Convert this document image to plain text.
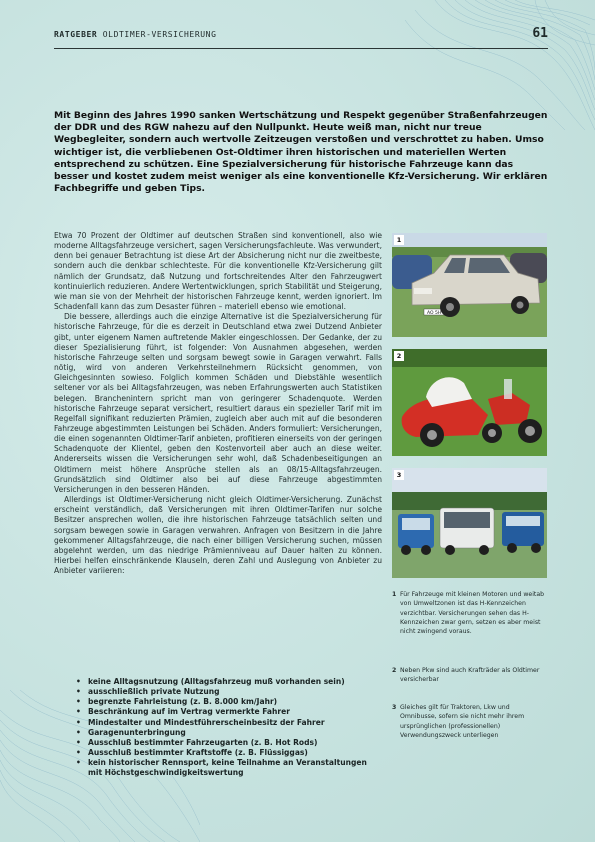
RATGEBER OLDTIMER-VERSICHERUNG	61
Mit Beginn des Jahres 1990 sanken Wertschätzung und Respekt gegenüber Straßenfahrzeugen der DDR und des RGW nahezu auf den Nullpunkt. Heute weiß man, nicht nur treue Wegbegleiter, sondern auch wertvolle Zeitzeugen verstoßen und verschrottet zu haben. Umso wichtiger ist, die verbliebenen Ost-Oldtimer ihren historischen und materiellen Werten entsprechend zu schützen. Eine Spezialversicherung für historische Fahrzeuge kann das besser und kostet zudem meist weniger als eine konventionelle Kfz-Versicherung. Wir erklären Fachbegriffe und geben Tips.

Etwa 70 Prozent der Oldtimer auf deutschen Straßen sind konventionell, also wie moderne Alltagsfahrzeuge versichert, sagen Versicherungsfachleute. Was verwundert, denn bei genauer Betrachtung ist diese Art der Absicherung nicht nur die zweitbeste, sondern auch die denkbar schlechteste. Für die konventionelle Kfz-Versicherung gilt nämlich der Grundsatz, daß Nutzung und fortschreitendes Alter den Fahrzeugwert kontinuierlich reduzieren. Andere Wertentwicklungen, sprich Stabilität und Steigerung, wie man sie von der Mehrheit der historischen Fahrzeuge kennt, werden ignoriert. Im Schadenfall kann das zum Desaster führen – materiell ebenso wie emotional.

Die bessere, allerdings auch die einzige Alternative ist die Spezialversicherung für historische Fahrzeuge, für die es derzeit in Deutschland etwa zwei Dutzend Anbieter gibt, unter eigenem Namen auftretende Makler eingeschlossen. Der Gedanke, der zu dieser Spezialisierung führt, ist folgender: Von Ausnahmen abgesehen, werden historische Fahrzeuge selten und sorgsam bewegt sowie in Garagen verwahrt. Falls nötig, wird von anderen Verkehrsteilnehmern Rücksicht genommen, von Gleichgesinnten sowieso. Folglich kommen Schäden und Diebstähle wesentlich seltener vor als bei Alltagsfahrzeugen, was neben Erfahrungswerten auch Statistiken belegen. Branchenintern spricht man von geringerer Schadenquote. Werden historische Fahrzeuge separat versichert, resultiert daraus ein spezieller Tarif mit im Regelfall signifikant reduzierten Prämien, zugleich aber auch mit auf die besonderen Fahrzeuge abgestimmten Leistungen bei Schäden. Anders formuliert: Versicherungen, die einen sogenannten Oldtimer-Tarif anbieten, profitieren einerseits von der geringen Schadenquote der Klientel, geben den Kostenvorteil aber auch an diese weiter. Andererseits wissen die Versicherungen sehr wohl, daß Schadenbeseitigungen an Oldtimern meist höhere Ansprüche stellen als an 08/15-Alltagsfahrzeugen. Grundsätzlich sind Oldtimer also bei auf diese Fahrzeuge abgestimmten Versicherungen in den besseren Händen.

Allerdings ist Oldtimer-Versicherung nicht gleich Oldtimer-Versicherung. Zunächst erscheint verständlich, daß Versicherungen mit ihren Oldtimer-Tarifen nur solche Besitzer ansprechen wollen, die ihre historischen Fahrzeuge tatsächlich selten und sorgsam bewegen sowie in Garagen verwahren. Anfragen von Besitzern in die Jahre gekommener Alltagsfahrzeuge, die nach einer billigen Versicherung suchen, müssen abgelehnt werden, um das niedrige Prämienniveau auf Dauer halten zu können. Hierbei helfen einschränkende Klauseln, deren Zahl und Auslegung von Anbieter zu Anbieter variieren:

• keine Alltagsnutzung (Alltagsfahrzeug muß vorhanden sein)
• ausschließlich private Nutzung
• begrenzte Fahrleistung (z. B. 8.000 km/Jahr)
• Beschränkung auf im Vertrag vermerkte Fahrer
• Mindestalter und Mindestführerscheinbesitz der Fahrer
• Garagenunterbringung
• Ausschluß bestimmter Fahrzeugarten (z. B. Hot Rods)
• Ausschluß bestimmter Kraftstoffe (z. B. Flüssiggas)
• kein historischer Rennsport, keine Teilnahme an Veranstaltungen mit Höchstgeschwindigkeitswertung
AO 5H
1
2
3
1 Für Fahrzeuge mit kleinen Motoren und weitab von Umweltzonen ist das H-Kennzeichen verzichtbar. Versicherungen sehen das H-Kennzeichen zwar gern, setzen es aber meist nicht zwingend voraus.
2 Neben Pkw sind auch Krafträder als Oldtimer versicherbar
3 Gleiches gilt für Traktoren, Lkw und Omnibusse, sofern sie nicht mehr ihrem ursprünglichen (professionellen) Verwendungszweck unterliegen
